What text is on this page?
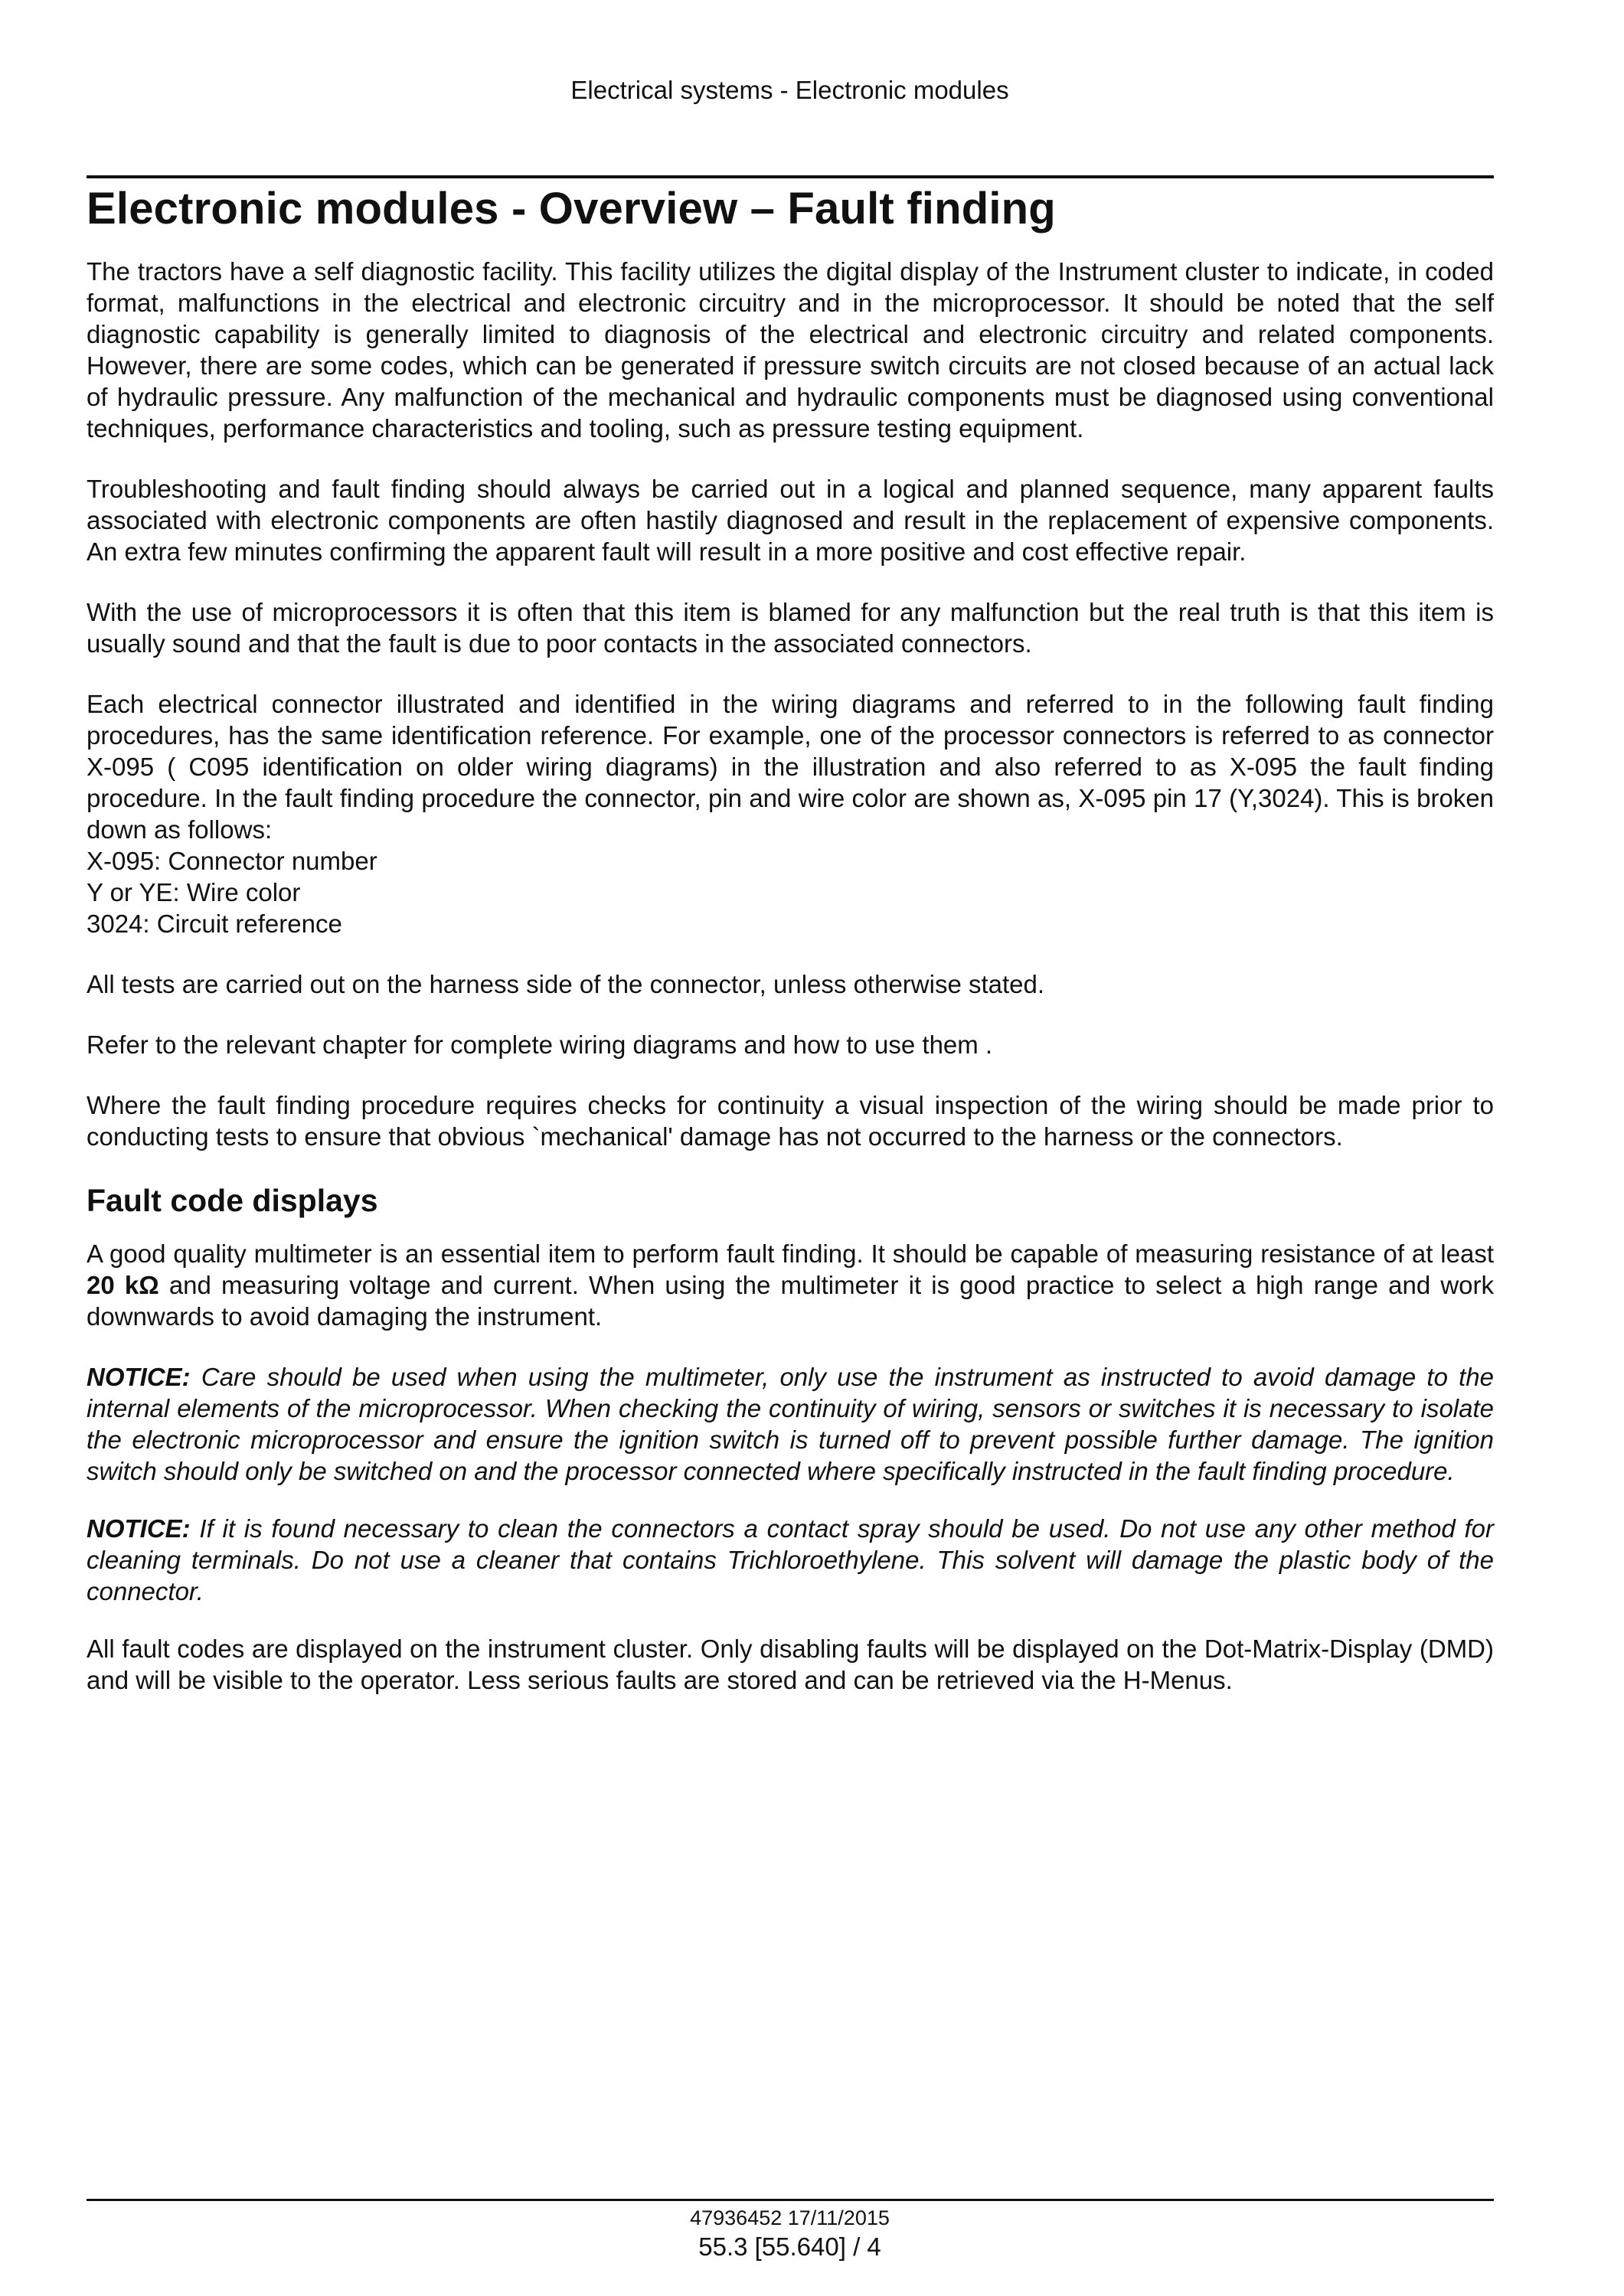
Electrical systems - Electronic modules
Electronic modules - Overview – Fault finding

The tractors have a self diagnostic facility. This facility utilizes the digital display of the Instrument cluster to indicate, in coded format, malfunctions in the electrical and electronic circuitry and in the microprocessor. It should be noted that the self diagnostic capability is generally limited to diagnosis of the electrical and electronic circuitry and related components. However, there are some codes, which can be generated if pressure switch circuits are not closed because of an actual lack of hydraulic pressure. Any malfunction of the mechanical and hydraulic components must be diagnosed using conventional techniques, performance characteristics and tooling, such as pressure testing equipment.

Troubleshooting and fault finding should always be carried out in a logical and planned sequence, many apparent faults associated with electronic components are often hastily diagnosed and result in the replacement of expensive components. An extra few minutes confirming the apparent fault will result in a more positive and cost effective repair.

With the use of microprocessors it is often that this item is blamed for any malfunction but the real truth is that this item is usually sound and that the fault is due to poor contacts in the associated connectors.

Each electrical connector illustrated and identified in the wiring diagrams and referred to in the following fault finding procedures, has the same identification reference. For example, one of the processor connectors is referred to as connector X-095 ( C095 identification on older wiring diagrams) in the illustration and also referred to as X-095 the fault finding procedure. In the fault finding procedure the connector, pin and wire color are shown as, X-095 pin 17 (Y,3024). This is broken down as follows:
X-095: Connector number
Y or YE: Wire color
3024: Circuit reference

All tests are carried out on the harness side of the connector, unless otherwise stated.

Refer to the relevant chapter for complete wiring diagrams and how to use them .

Where the fault finding procedure requires checks for continuity a visual inspection of the wiring should be made prior to conducting tests to ensure that obvious `mechanical' damage has not occurred to the harness or the connectors.

Fault code displays

A good quality multimeter is an essential item to perform fault finding. It should be capable of measuring resistance of at least 20 kΩ and measuring voltage and current. When using the multimeter it is good practice to select a high range and work downwards to avoid damaging the instrument.

NOTICE: Care should be used when using the multimeter, only use the instrument as instructed to avoid damage to the internal elements of the microprocessor. When checking the continuity of wiring, sensors or switches it is necessary to isolate the electronic microprocessor and ensure the ignition switch is turned off to prevent possible further damage. The ignition switch should only be switched on and the processor connected where specifically instructed in the fault finding procedure.

NOTICE: If it is found necessary to clean the connectors a contact spray should be used. Do not use any other method for cleaning terminals. Do not use a cleaner that contains Trichloroethylene. This solvent will damage the plastic body of the connector.

All fault codes are displayed on the instrument cluster. Only disabling faults will be displayed on the Dot-Matrix-Display (DMD) and will be visible to the operator. Less serious faults are stored and can be retrieved via the H-Menus.

47936452 17/11/2015
55.3 [55.640] / 4
